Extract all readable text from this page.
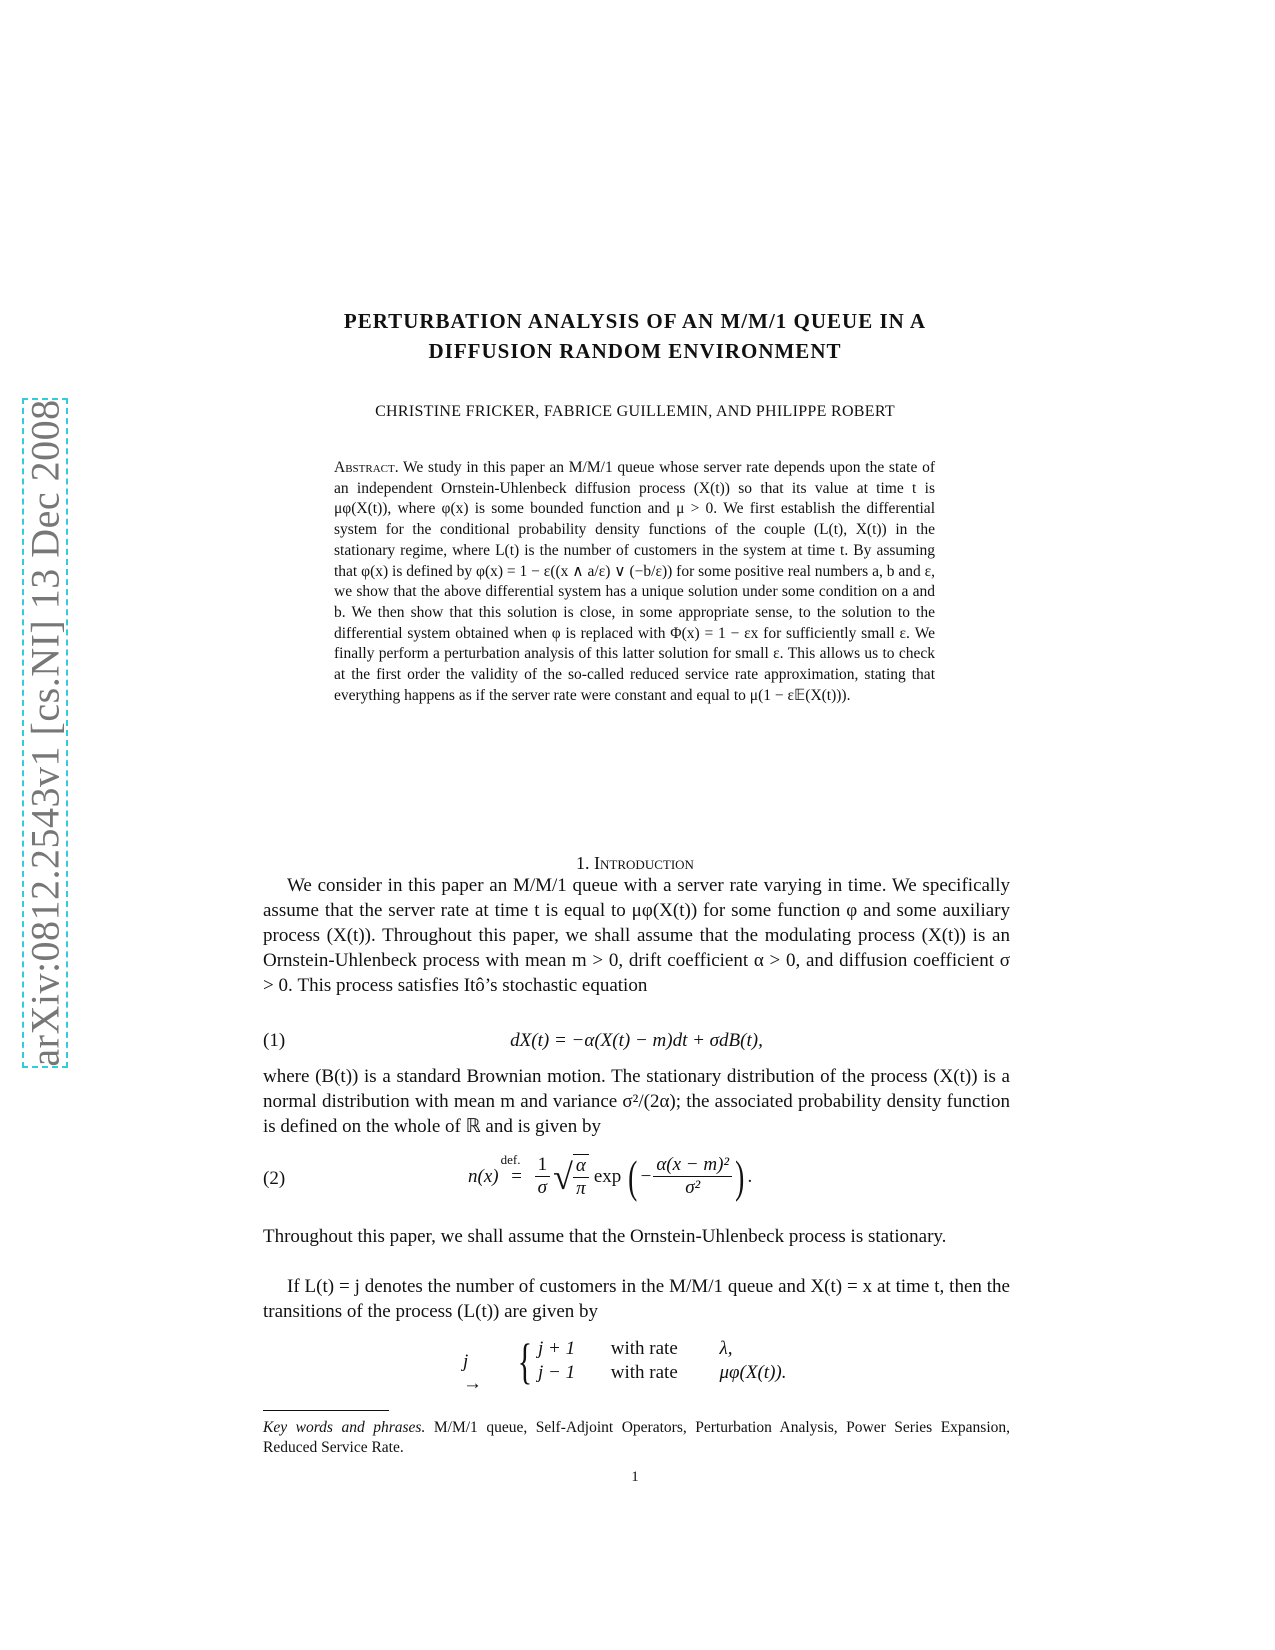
arXiv:0812.2543v1 [cs.NI] 13 Dec 2008
PERTURBATION ANALYSIS OF AN M/M/1 QUEUE IN A
DIFFUSION RANDOM ENVIRONMENT
CHRISTINE FRICKER, FABRICE GUILLEMIN, AND PHILIPPE ROBERT
Abstract. We study in this paper an M/M/1 queue whose server rate depends upon the state of an independent Ornstein-Uhlenbeck diffusion process (X(t)) so that its value at time t is μφ(X(t)), where φ(x) is some bounded function and μ > 0. We first establish the differential system for the conditional probability density functions of the couple (L(t), X(t)) in the stationary regime, where L(t) is the number of customers in the system at time t. By assuming that φ(x) is defined by φ(x) = 1 − ε((x ∧ a/ε) ∨ (−b/ε)) for some positive real numbers a, b and ε, we show that the above differential system has a unique solution under some condition on a and b. We then show that this solution is close, in some appropriate sense, to the solution to the differential system obtained when φ is replaced with Φ(x) = 1 − εx for sufficiently small ε. We finally perform a perturbation analysis of this latter solution for small ε. This allows us to check at the first order the validity of the so-called reduced service rate approximation, stating that everything happens as if the server rate were constant and equal to μ(1 − ε𝔼(X(t))).
1. Introduction
We consider in this paper an M/M/1 queue with a server rate varying in time. We specifically assume that the server rate at time t is equal to μφ(X(t)) for some function φ and some auxiliary process (X(t)). Throughout this paper, we shall assume that the modulating process (X(t)) is an Ornstein-Uhlenbeck process with mean m > 0, drift coefficient α > 0, and diffusion coefficient σ > 0. This process satisfies Itô’s stochastic equation
(1)	dX(t) = −α(X(t) − m)dt + σdB(t),
where (B(t)) is a standard Brownian motion. The stationary distribution of the process (X(t)) is a normal distribution with mean m and variance σ²/(2α); the associated probability density function is defined on the whole of ℝ and is given by
(2)	n(x)
def.
= $\frac{1}{\sigma}$ √ $\frac{\alpha}{\pi}$ exp ( − $\frac{\text{α(x − m)²}}{\text{σ²}}$ ) .
Throughout this paper, we shall assume that the Ornstein-Uhlenbeck process is stationary.
If L(t) = j denotes the number of customers in the M/M/1 queue and X(t) = x at time t, then the transitions of the process (L(t)) are given by
j → { j + 1 with rate λ,
j − 1 with rate μφ(X(t)).
Key words and phrases. M/M/1 queue, Self-Adjoint Operators, Perturbation Analysis, Power Series Expansion, Reduced Service Rate.
1
